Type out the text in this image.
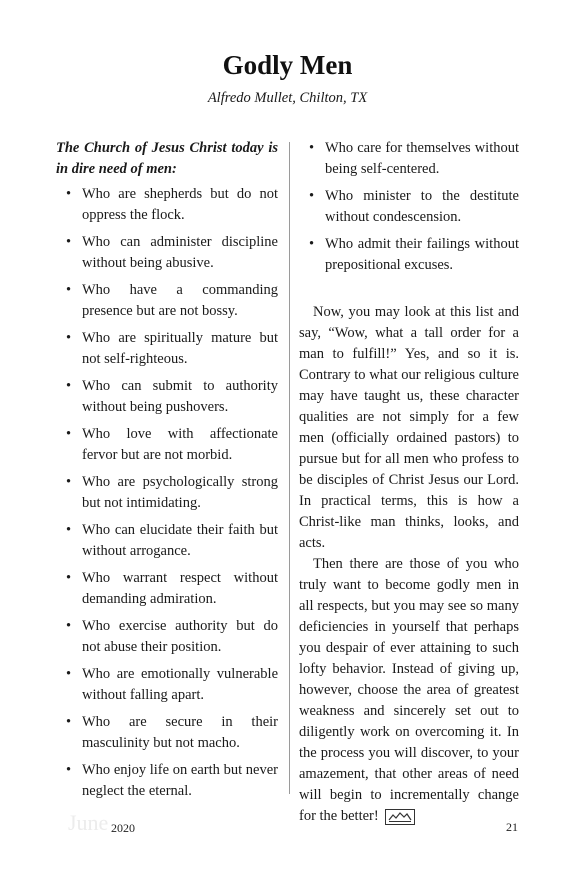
Godly Men
Alfredo Mullet, Chilton, TX

The Church of Jesus Christ today is in dire need of men:

• Who are shepherds but do not oppress the flock.
• Who can administer discipline without being abusive.
• Who have a commanding presence but are not bossy.
• Who are spiritually mature but not self-righteous.
• Who can submit to authority without being pushovers.
• Who love with affectionate fervor but are not morbid.
• Who are psychologically strong but not intimidating.
• Who can elucidate their faith but without arrogance.
• Who warrant respect without demanding admiration.
• Who exercise authority but do not abuse their position.
• Who are emotionally vulnerable without falling apart.
• Who are secure in their masculinity but not macho.
• Who enjoy life on earth but never neglect the eternal.
• Who care for themselves without being self-centered.
• Who minister to the destitute without condescension.
• Who admit their failings without prepositional excuses.

Now, you may look at this list and say, “Wow, what a tall order for a man to fulfill!” Yes, and so it is. Contrary to what our religious culture may have taught us, these character qualities are not simply for a few men (officially ordained pastors) to pursue but for all men who profess to be disciples of Christ Jesus our Lord. In practical terms, this is how a Christ-like man thinks, looks, and acts.

Then there are those of you who truly want to become godly men in all respects, but you may see so many deficiencies in yourself that perhaps you despair of ever attaining to such lofty behavior. Instead of giving up, however, choose the area of greatest weakness and sincerely set out to diligently work on overcoming it. In the process you will discover, to your amazement, that other areas of need will begin to incrementally change for the better!

June 2020	21
